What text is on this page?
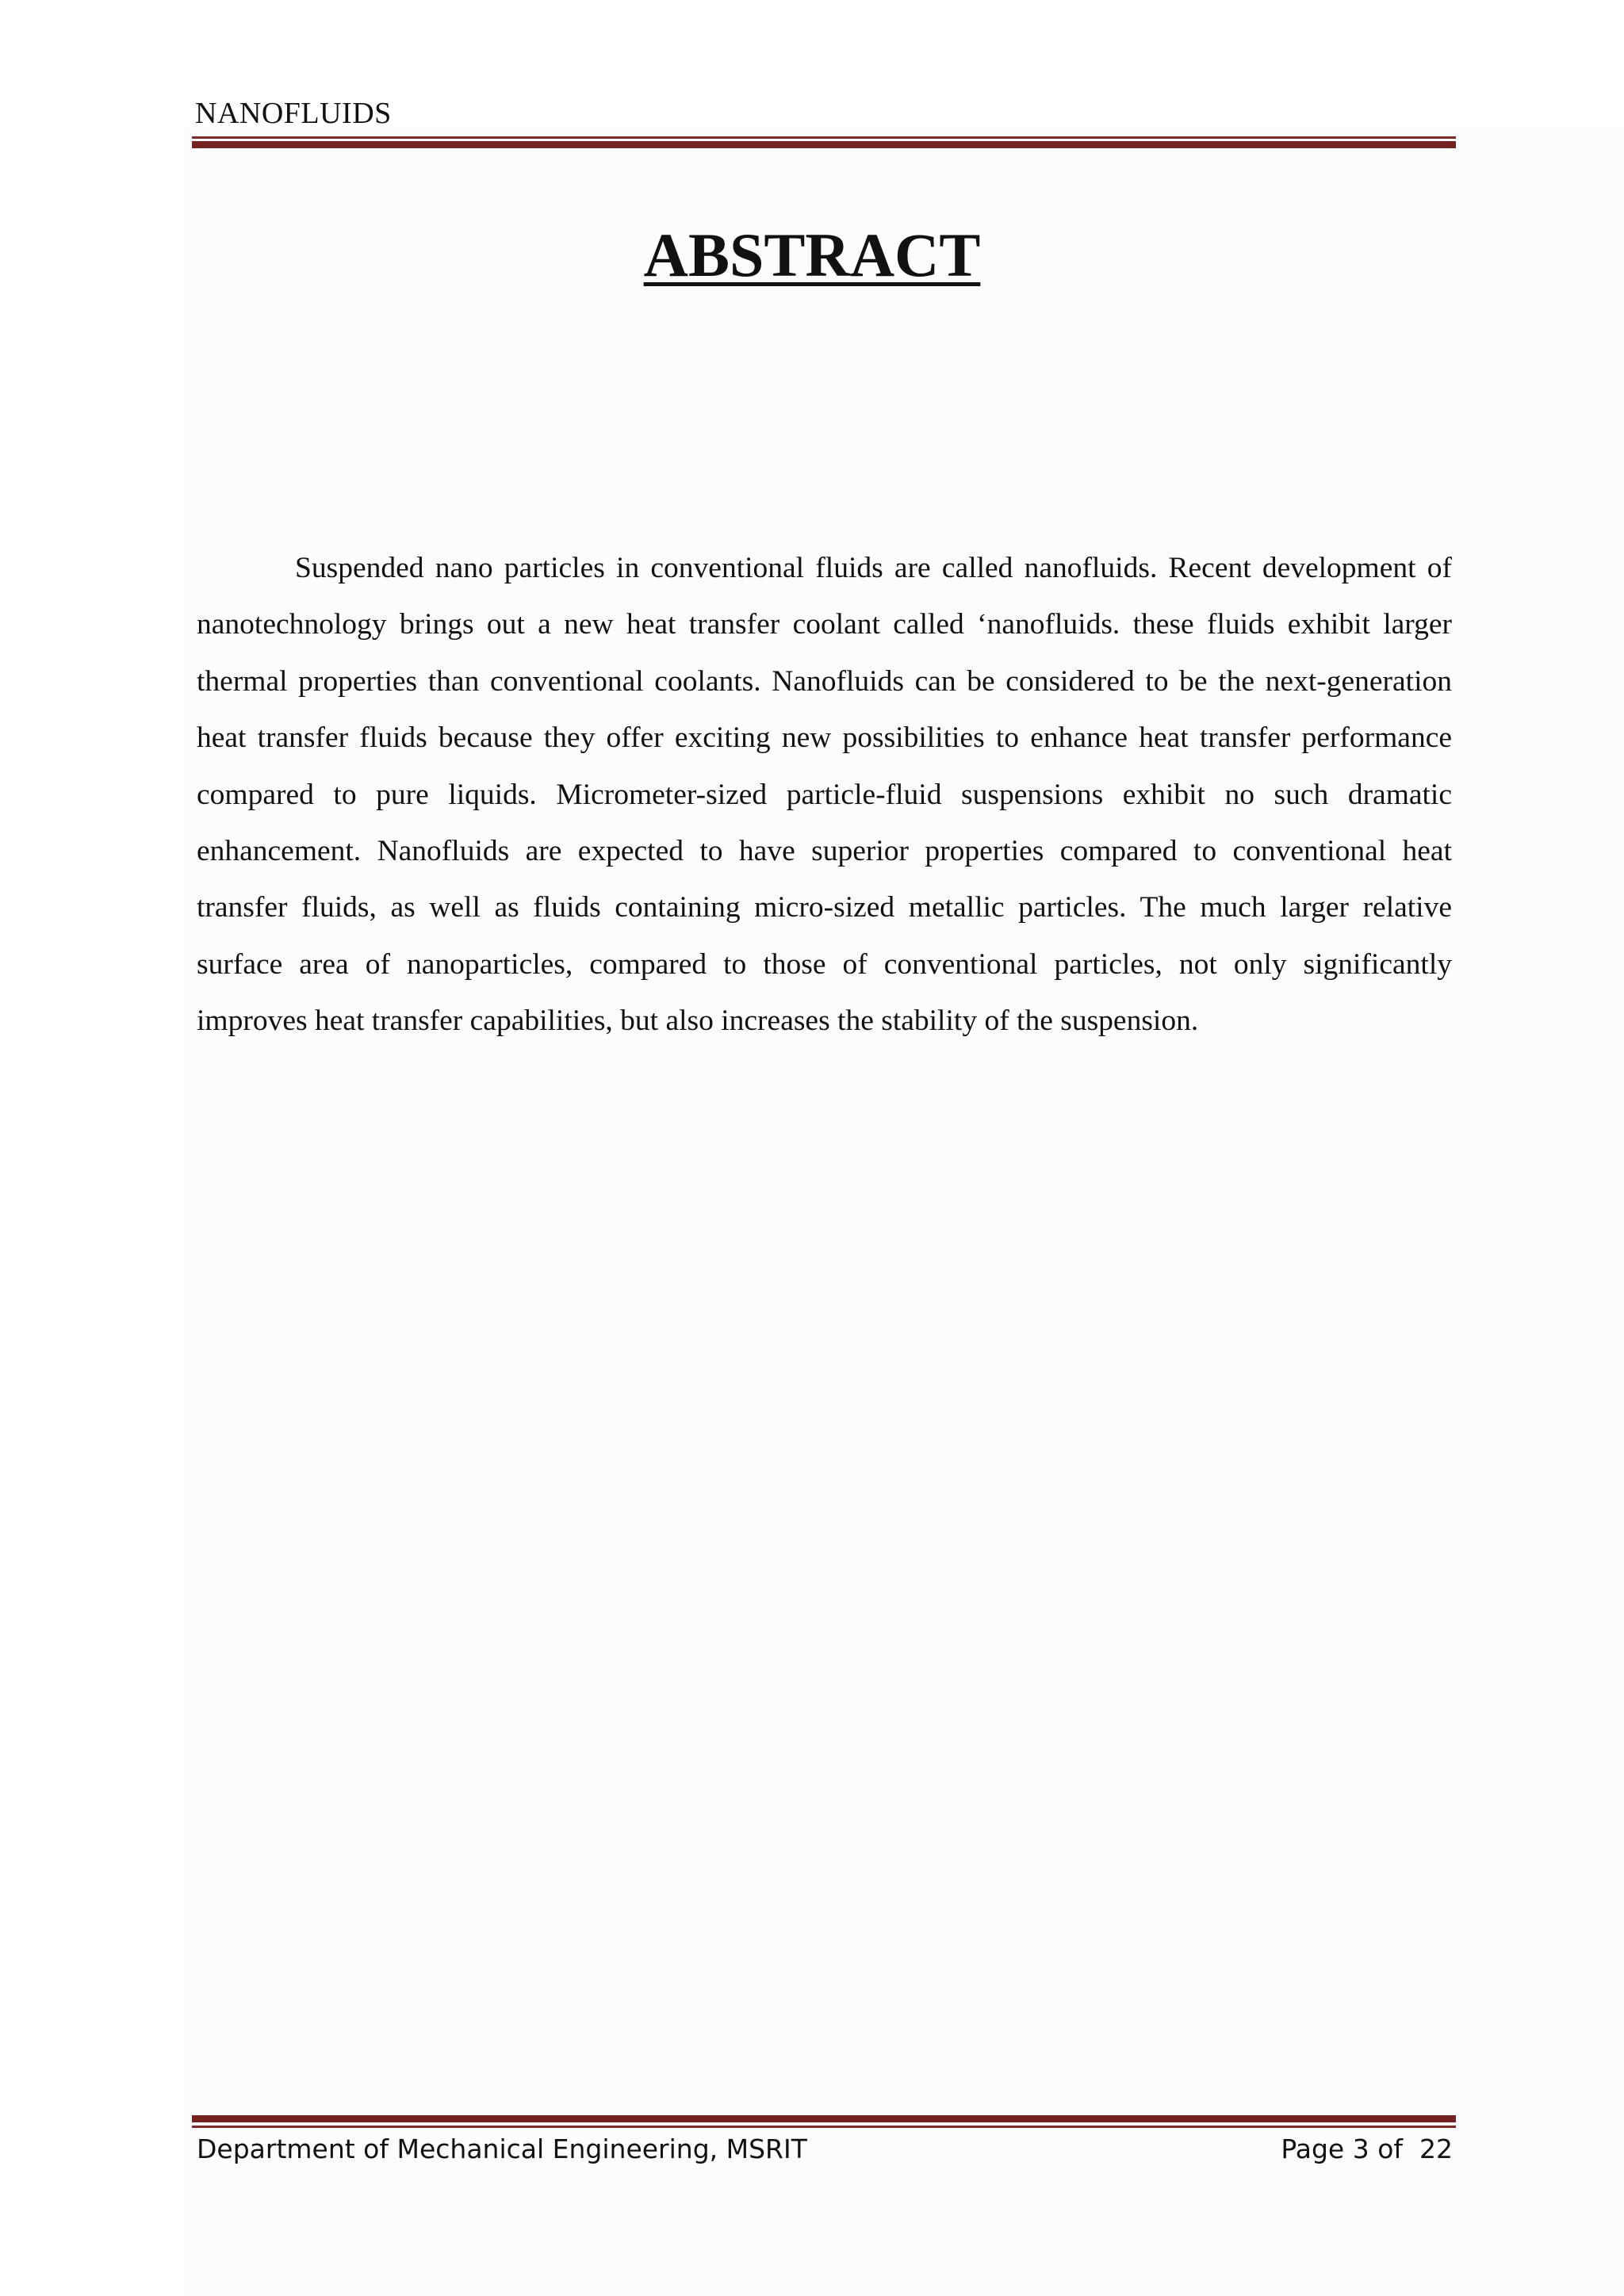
NANOFLUIDS
ABSTRACT

Suspended nano particles in conventional fluids are called nanofluids. Recent development of nanotechnology brings out a new heat transfer coolant called ‘nanofluids. these fluids exhibit larger thermal properties than conventional coolants. Nanofluids can be considered to be the next-generation heat transfer fluids because they offer exciting new possibilities to enhance heat transfer performance compared to pure liquids. Micrometer-sized particle-fluid suspensions exhibit no such dramatic enhancement. Nanofluids are expected to have superior properties compared to conventional heat transfer fluids, as well as fluids containing micro-sized metallic particles. The much larger relative surface area of nanoparticles, compared to those of conventional particles, not only significantly improves heat transfer capabilities, but also increases the stability of the suspension.

Department of Mechanical Engineering, MSRIT	Page 3 of  22
